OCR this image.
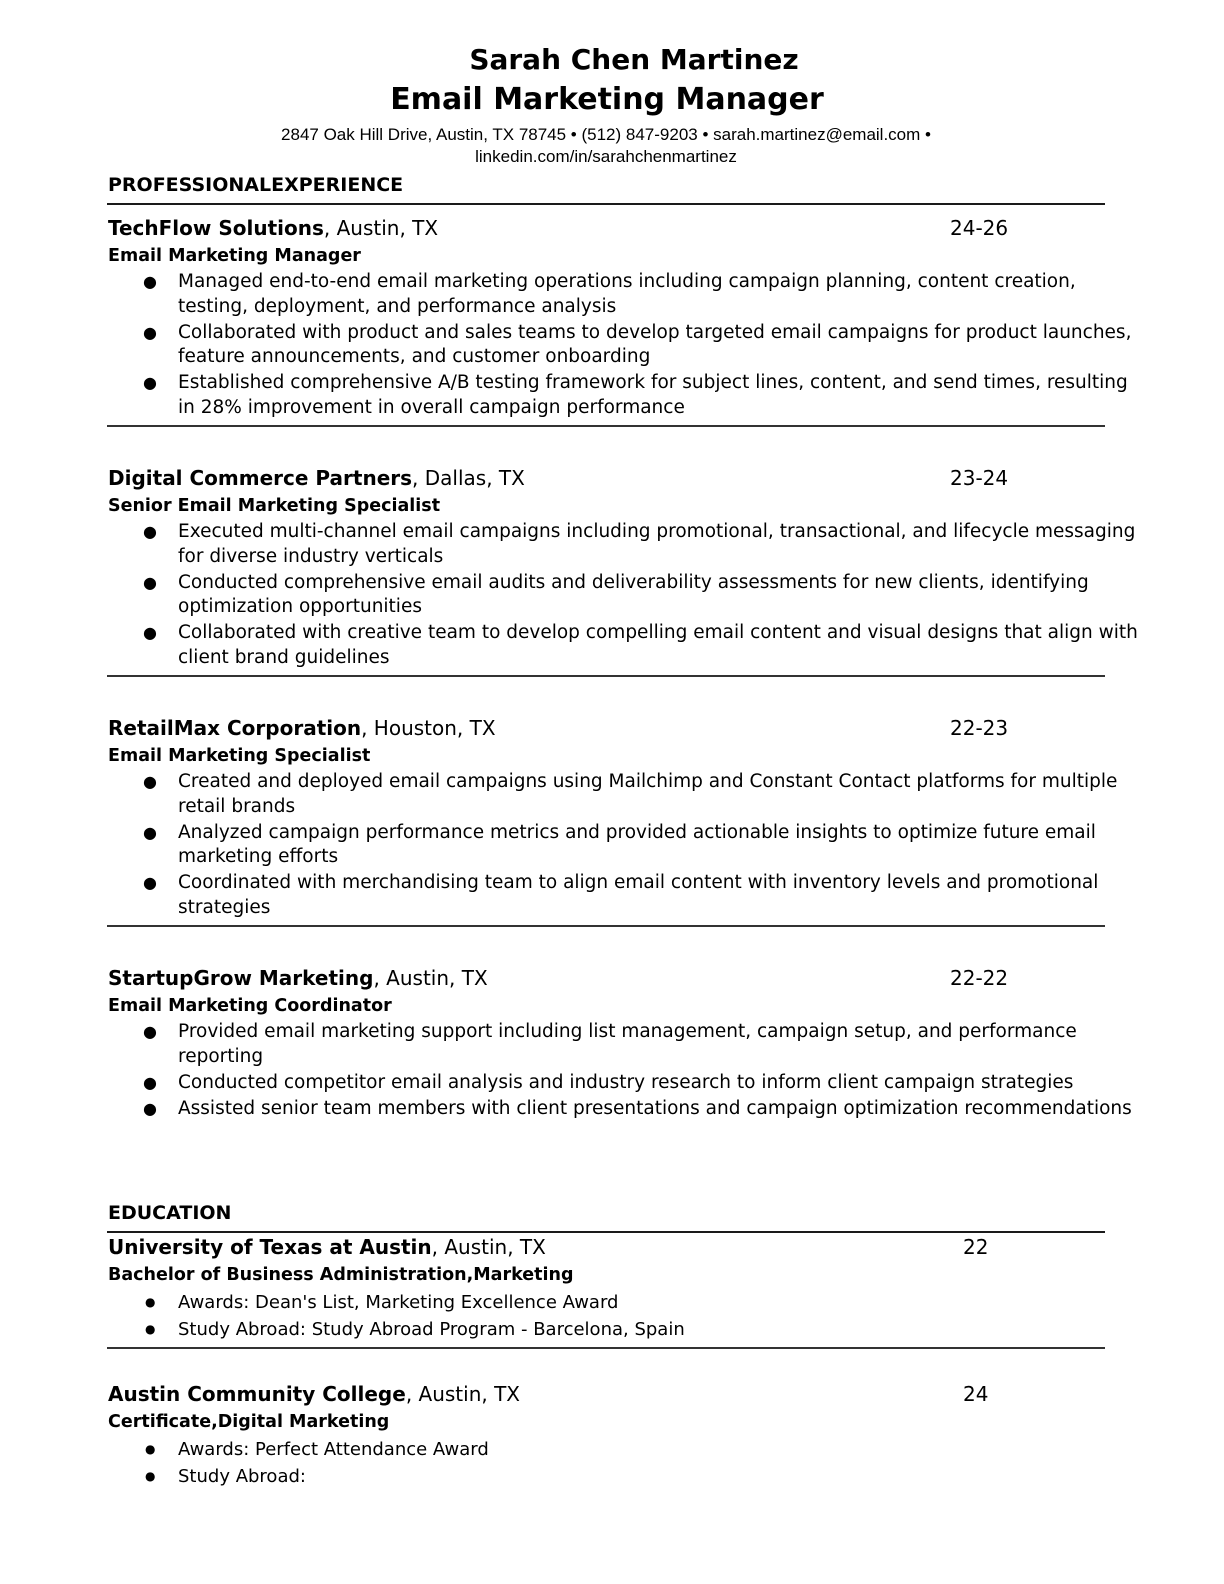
Sarah Chen Martinez
Email Marketing Manager
2847 Oak Hill Drive, Austin, TX 78745 • (512) 847-9203 • sarah.martinez@email.com •
linkedin.com/in/sarahchenmartinez
PROFESSIONALEXPERIENCE
TechFlow Solutions, Austin, TX	24-26
Email Marketing Manager
● Managed end-to-end email marketing operations including campaign planning, content creation, testing, deployment, and performance analysis
● Collaborated with product and sales teams to develop targeted email campaigns for product launches, feature announcements, and customer onboarding
● Established comprehensive A/B testing framework for subject lines, content, and send times, resulting in 28% improvement in overall campaign performance
Digital Commerce Partners, Dallas, TX	23-24
Senior Email Marketing Specialist
● Executed multi-channel email campaigns including promotional, transactional, and lifecycle messaging for diverse industry verticals
● Conducted comprehensive email audits and deliverability assessments for new clients, identifying optimization opportunities
● Collaborated with creative team to develop compelling email content and visual designs that align with client brand guidelines
RetailMax Corporation, Houston, TX	22-23
Email Marketing Specialist
● Created and deployed email campaigns using Mailchimp and Constant Contact platforms for multiple retail brands
● Analyzed campaign performance metrics and provided actionable insights to optimize future email marketing efforts
● Coordinated with merchandising team to align email content with inventory levels and promotional strategies
StartupGrow Marketing, Austin, TX	22-22
Email Marketing Coordinator
● Provided email marketing support including list management, campaign setup, and performance reporting
● Conducted competitor email analysis and industry research to inform client campaign strategies
● Assisted senior team members with client presentations and campaign optimization recommendations
EDUCATION
University of Texas at Austin, Austin, TX	22
Bachelor of Business Administration,Marketing
● Awards: Dean's List, Marketing Excellence Award
● Study Abroad: Study Abroad Program - Barcelona, Spain
Austin Community College, Austin, TX	24
Certificate,Digital Marketing
● Awards: Perfect Attendance Award
● Study Abroad:
